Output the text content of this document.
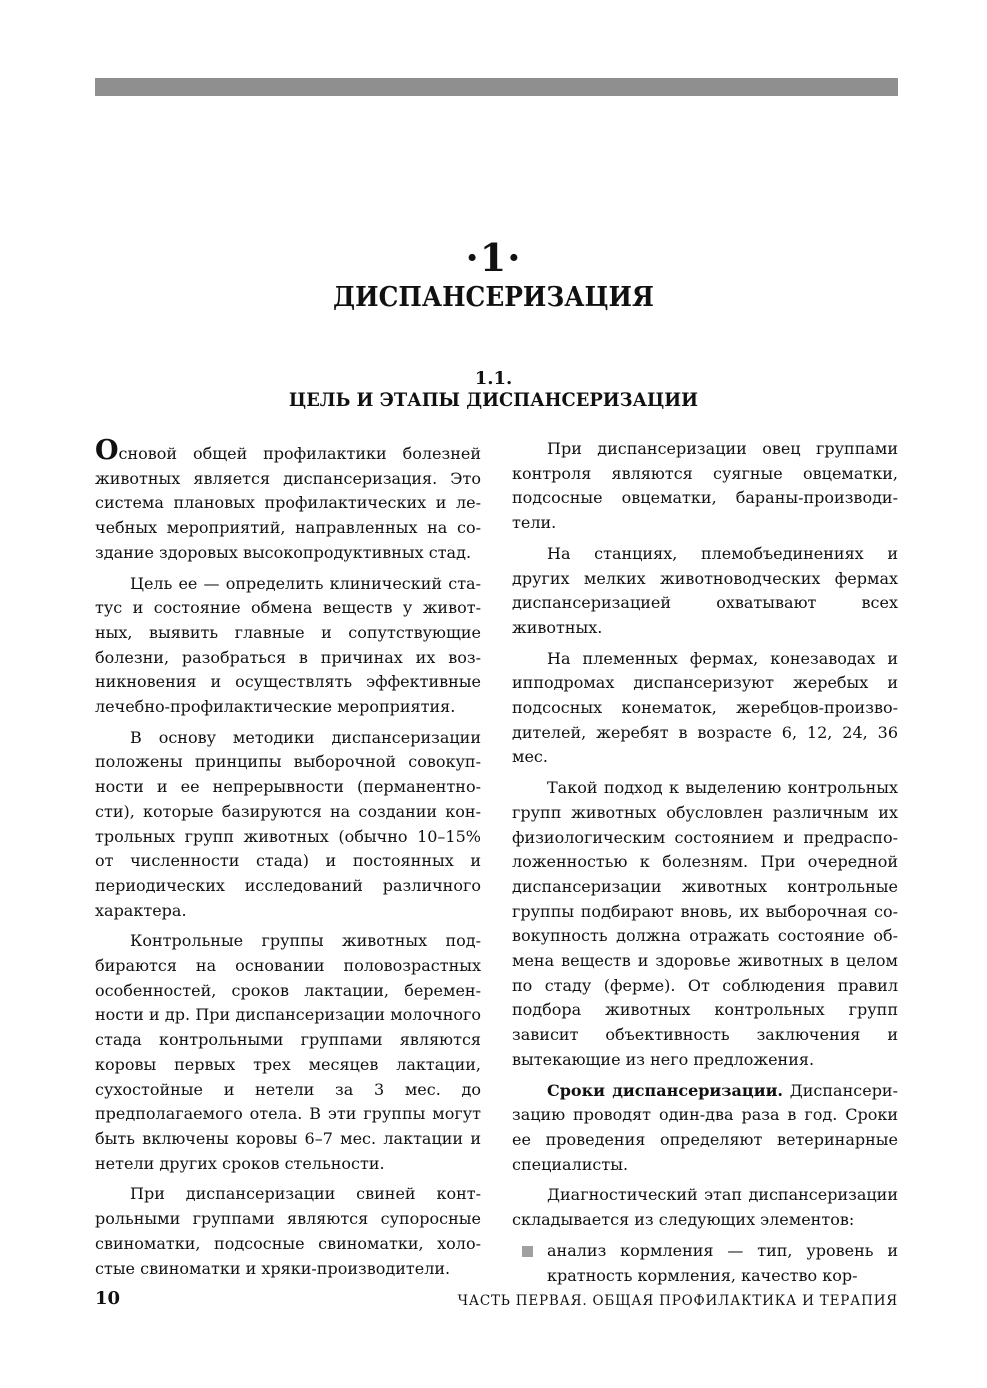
·1·
ДИСПАНСЕРИЗАЦИЯ
1.1.
ЦЕЛЬ И ЭТАПЫ ДИСПАНСЕРИЗАЦИИ

Основой общей профилактики болезней животных является диспансеризация. Это система плановых профилактических и лечебных мероприятий, направленных на создание здоровых высокопродуктивных стад.

Цель ее — определить клинический статус и состояние обмена веществ у животных, выявить главные и сопутствующие болезни, разобраться в причинах их возникновения и осуществлять эффективные лечебно-профилактические мероприятия.

В основу методики диспансеризации положены принципы выборочной совокупности и ее непрерывности (перманентности), которые базируются на создании контрольных групп животных (обычно 10–15% от численности стада) и постоянных и периодических исследований различного характера.

Контрольные группы животных подбираются на основании половозрастных особенностей, сроков лактации, беременности и др. При диспансеризации молочного стада контрольными группами являются коровы первых трех месяцев лактации, сухостойные и нетели за 3 мес. до предполагаемого отела. В эти группы могут быть включены коровы 6–7 мес. лактации и нетели других сроков стельности.

При диспансеризации свиней контрольными группами являются супоросные свиноматки, подсосные свиноматки, холостые свиноматки и хряки-производители.

При диспансеризации овец группами контроля являются суягные овцематки, подсосные овцематки, бараны-производители.

На станциях, племобъединениях и других мелких животноводческих фермах диспансеризацией охватывают всех животных.

На племенных фермах, конезаводах и ипподромах диспансеризуют жеребых и подсосных конематок, жеребцов-производителей, жеребят в возрасте 6, 12, 24, 36 мес.

Такой подход к выделению контрольных групп животных обусловлен различным их физиологическим состоянием и предрасположенностью к болезням. При очередной диспансеризации животных контрольные группы подбирают вновь, их выборочная совокупность должна отражать состояние обмена веществ и здоровье животных в целом по стаду (ферме). От соблюдения правил подбора животных контрольных групп зависит объективность заключения и вытекающие из него предложения.

Сроки диспансеризации. Диспансеризацию проводят один-два раза в год. Сроки ее проведения определяют ветеринарные специалисты.

Диагностический этап диспансеризации складывается из следующих элементов:

анализ кормления — тип, уровень и кратность кормления, качество кор-
10	ЧАСТЬ ПЕРВАЯ. ОБЩАЯ ПРОФИЛАКТИКА И ТЕРАПИЯ
